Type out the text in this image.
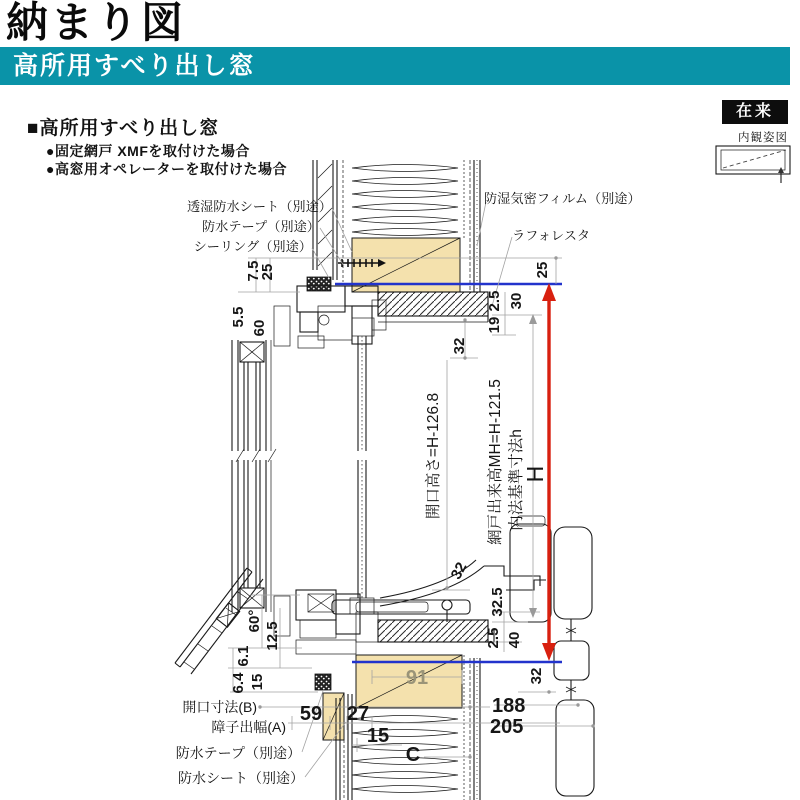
納まり図
高所用すべり出し窓
■高所用すべり出し窓
●固定網戸 XMFを取付けた場合
●高窓用オペレーターを取付けた場合
在来
内観姿図
透湿防水シート（別途）
防水テープ（別途）
シーリング（別途）
防湿気密フィルム（別途）
ラフォレスタ
開口寸法(B)
障子出幅(A)
防水テープ（別途）
防水シート（別途）
7.5
25
5.5
60
25
2.5 30
19
32
開口高さ=H-126.8	網戸出来高MH=H-121.5 内法基準寸法h
H
32
32.5
2.5 40
60°
12.5
6.1
6.4 15	91	32
59 27
15
C
188
205
